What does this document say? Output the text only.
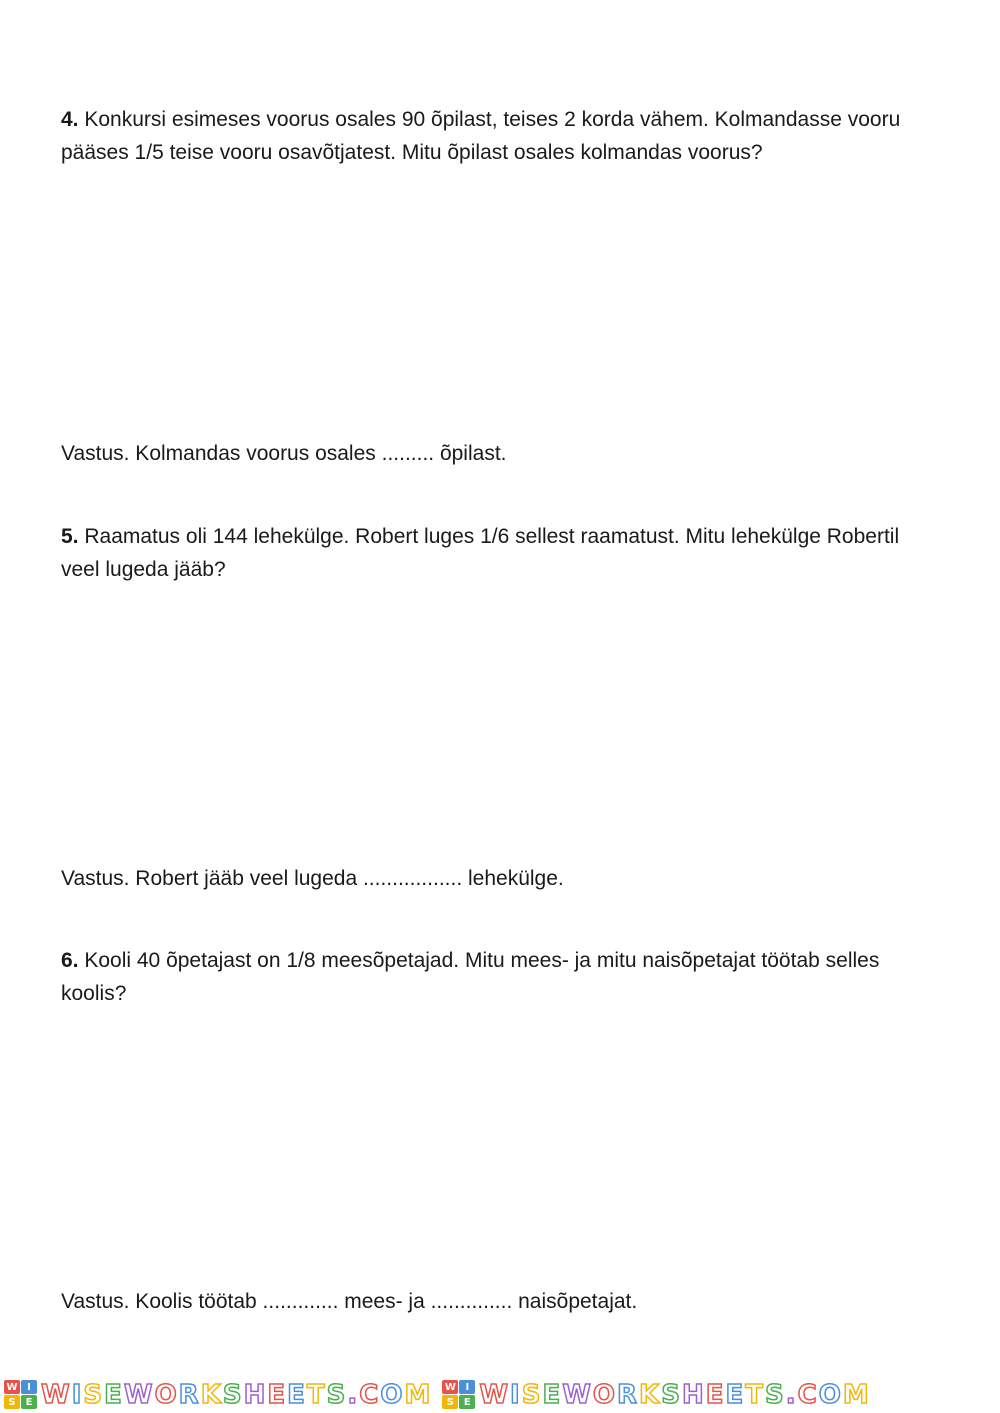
4. Konkursi esimeses voorus osales 90 õpilast, teises 2 korda vähem. Kolmandasse vooru pääses 1/5 teise vooru osavõtjatest. Mitu õpilast osales kolmandas voorus?

Vastus. Kolmandas voorus osales ......... õpilast.

5. Raamatus oli 144 lehekülge. Robert luges 1/6 sellest raamatust. Mitu lehekülge Robertil veel lugeda jääb?

Vastus. Robert jääb veel lugeda ................. lehekülge.

6. Kooli 40 õpetajast on 1/8 meesõpetajad. Mitu mees- ja mitu naisõpetajat töötab selles koolis?

Vastus. Koolis töötab ............. mees- ja .............. naisõpetajat.

W I
S E WISEWORKSHEETS.COM W I
S E WISEWORKSHEETS.COM
